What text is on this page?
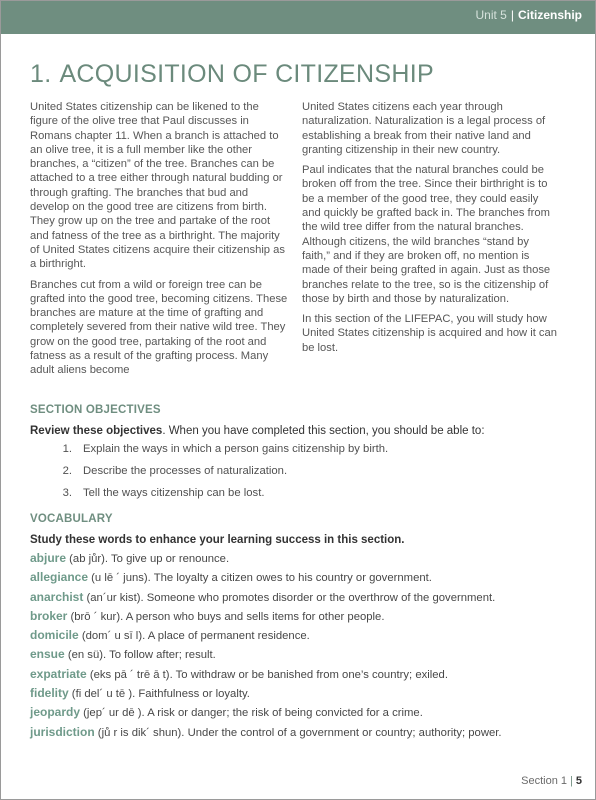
Unit 5 | Citizenship
1. ACQUISITION OF CITIZENSHIP

United States citizenship can be likened to the figure of the olive tree that Paul discusses in Romans chapter 11. When a branch is attached to an olive tree, it is a full member like the other branches, a “citizen” of the tree. Branches can be attached to a tree either through natural budding or through grafting. The branches that bud and develop on the good tree are citizens from birth. They grow up on the tree and partake of the root and fatness of the tree as a birthright. The majority of United States citizens acquire their citizenship as a birthright.

Branches cut from a wild or foreign tree can be grafted into the good tree, becoming citizens. These branches are mature at the time of grafting and completely severed from their native wild tree. They grow on the good tree, partaking of the root and fatness as a result of the grafting process. Many adult aliens become

United States citizens each year through naturalization. Naturalization is a legal process of establishing a break from their native land and granting citizenship in their new country.

Paul indicates that the natural branches could be broken off from the tree. Since their birthright is to be a member of the good tree, they could easily and quickly be grafted back in. The branches from the wild tree differ from the natural branches. Although citizens, the wild branches “stand by faith,” and if they are broken off, no mention is made of their being grafted in again. Just as those branches relate to the tree, so is the citizenship of those by birth and those by naturalization.

In this section of the LIFEPAC, you will study how United States citizenship is acquired and how it can be lost.

SECTION OBJECTIVES
Review these objectives. When you have completed this section, you should be able to:
1. Explain the ways in which a person gains citizenship by birth.
2. Describe the processes of naturalization.
3. Tell the ways citizenship can be lost.
VOCABULARY
Study these words to enhance your learning success in this section.
abjure (ab jůr). To give up or renounce.
allegiance (u lē ´ juns). The loyalty a citizen owes to his country or government.
anarchist (an´ur kist). Someone who promotes disorder or the overthrow of the government.
broker (brō ´ kur). A person who buys and sells items for other people.
domicile (dom´ u sī l). A place of permanent residence.
ensue (en sü). To follow after; result.
expatriate (eks pā ´ trē ā t). To withdraw or be banished from one’s country; exiled.
fidelity (fi del´ u tē ). Faithfulness or loyalty.
jeopardy (jep´ ur dē ). A risk or danger; the risk of being convicted for a crime.
jurisdiction (jů r is dik´ shun). Under the control of a government or country; authority; power.
Section 1 | 5
